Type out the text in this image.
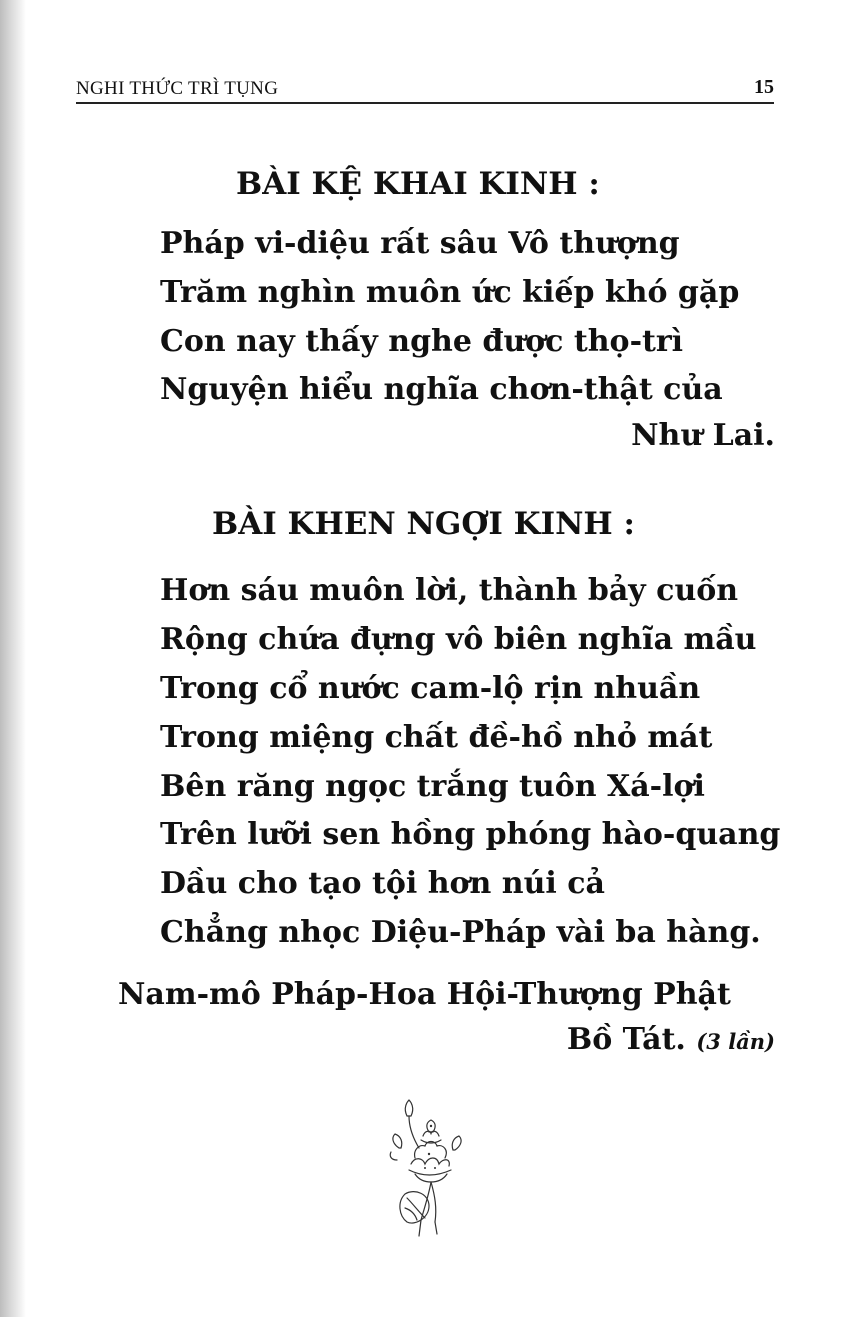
NGHI THỨC TRÌ TỤNG	15
BÀI KỆ KHAI KINH :
Pháp vi-diệu rất sâu Vô thượng
Trăm nghìn muôn ức kiếp khó gặp
Con nay thấy nghe được thọ-trì
Nguyện hiểu nghĩa chơn-thật của
Như Lai.
BÀI KHEN NGỢI KINH :
Hơn sáu muôn lời, thành bảy cuốn
Rộng chứa đựng vô biên nghĩa mầu
Trong cổ nước cam-lộ rịn nhuần
Trong miệng chất đề-hồ nhỏ mát
Bên răng ngọc trắng tuôn Xá-lợi
Trên lưỡi sen hồng phóng hào-quang
Dầu cho tạo tội hơn núi cả
Chẳng nhọc Diệu-Pháp vài ba hàng.
Nam-mô Pháp-Hoa Hội-Thượng Phật
Bồ Tát. (3 lần)
